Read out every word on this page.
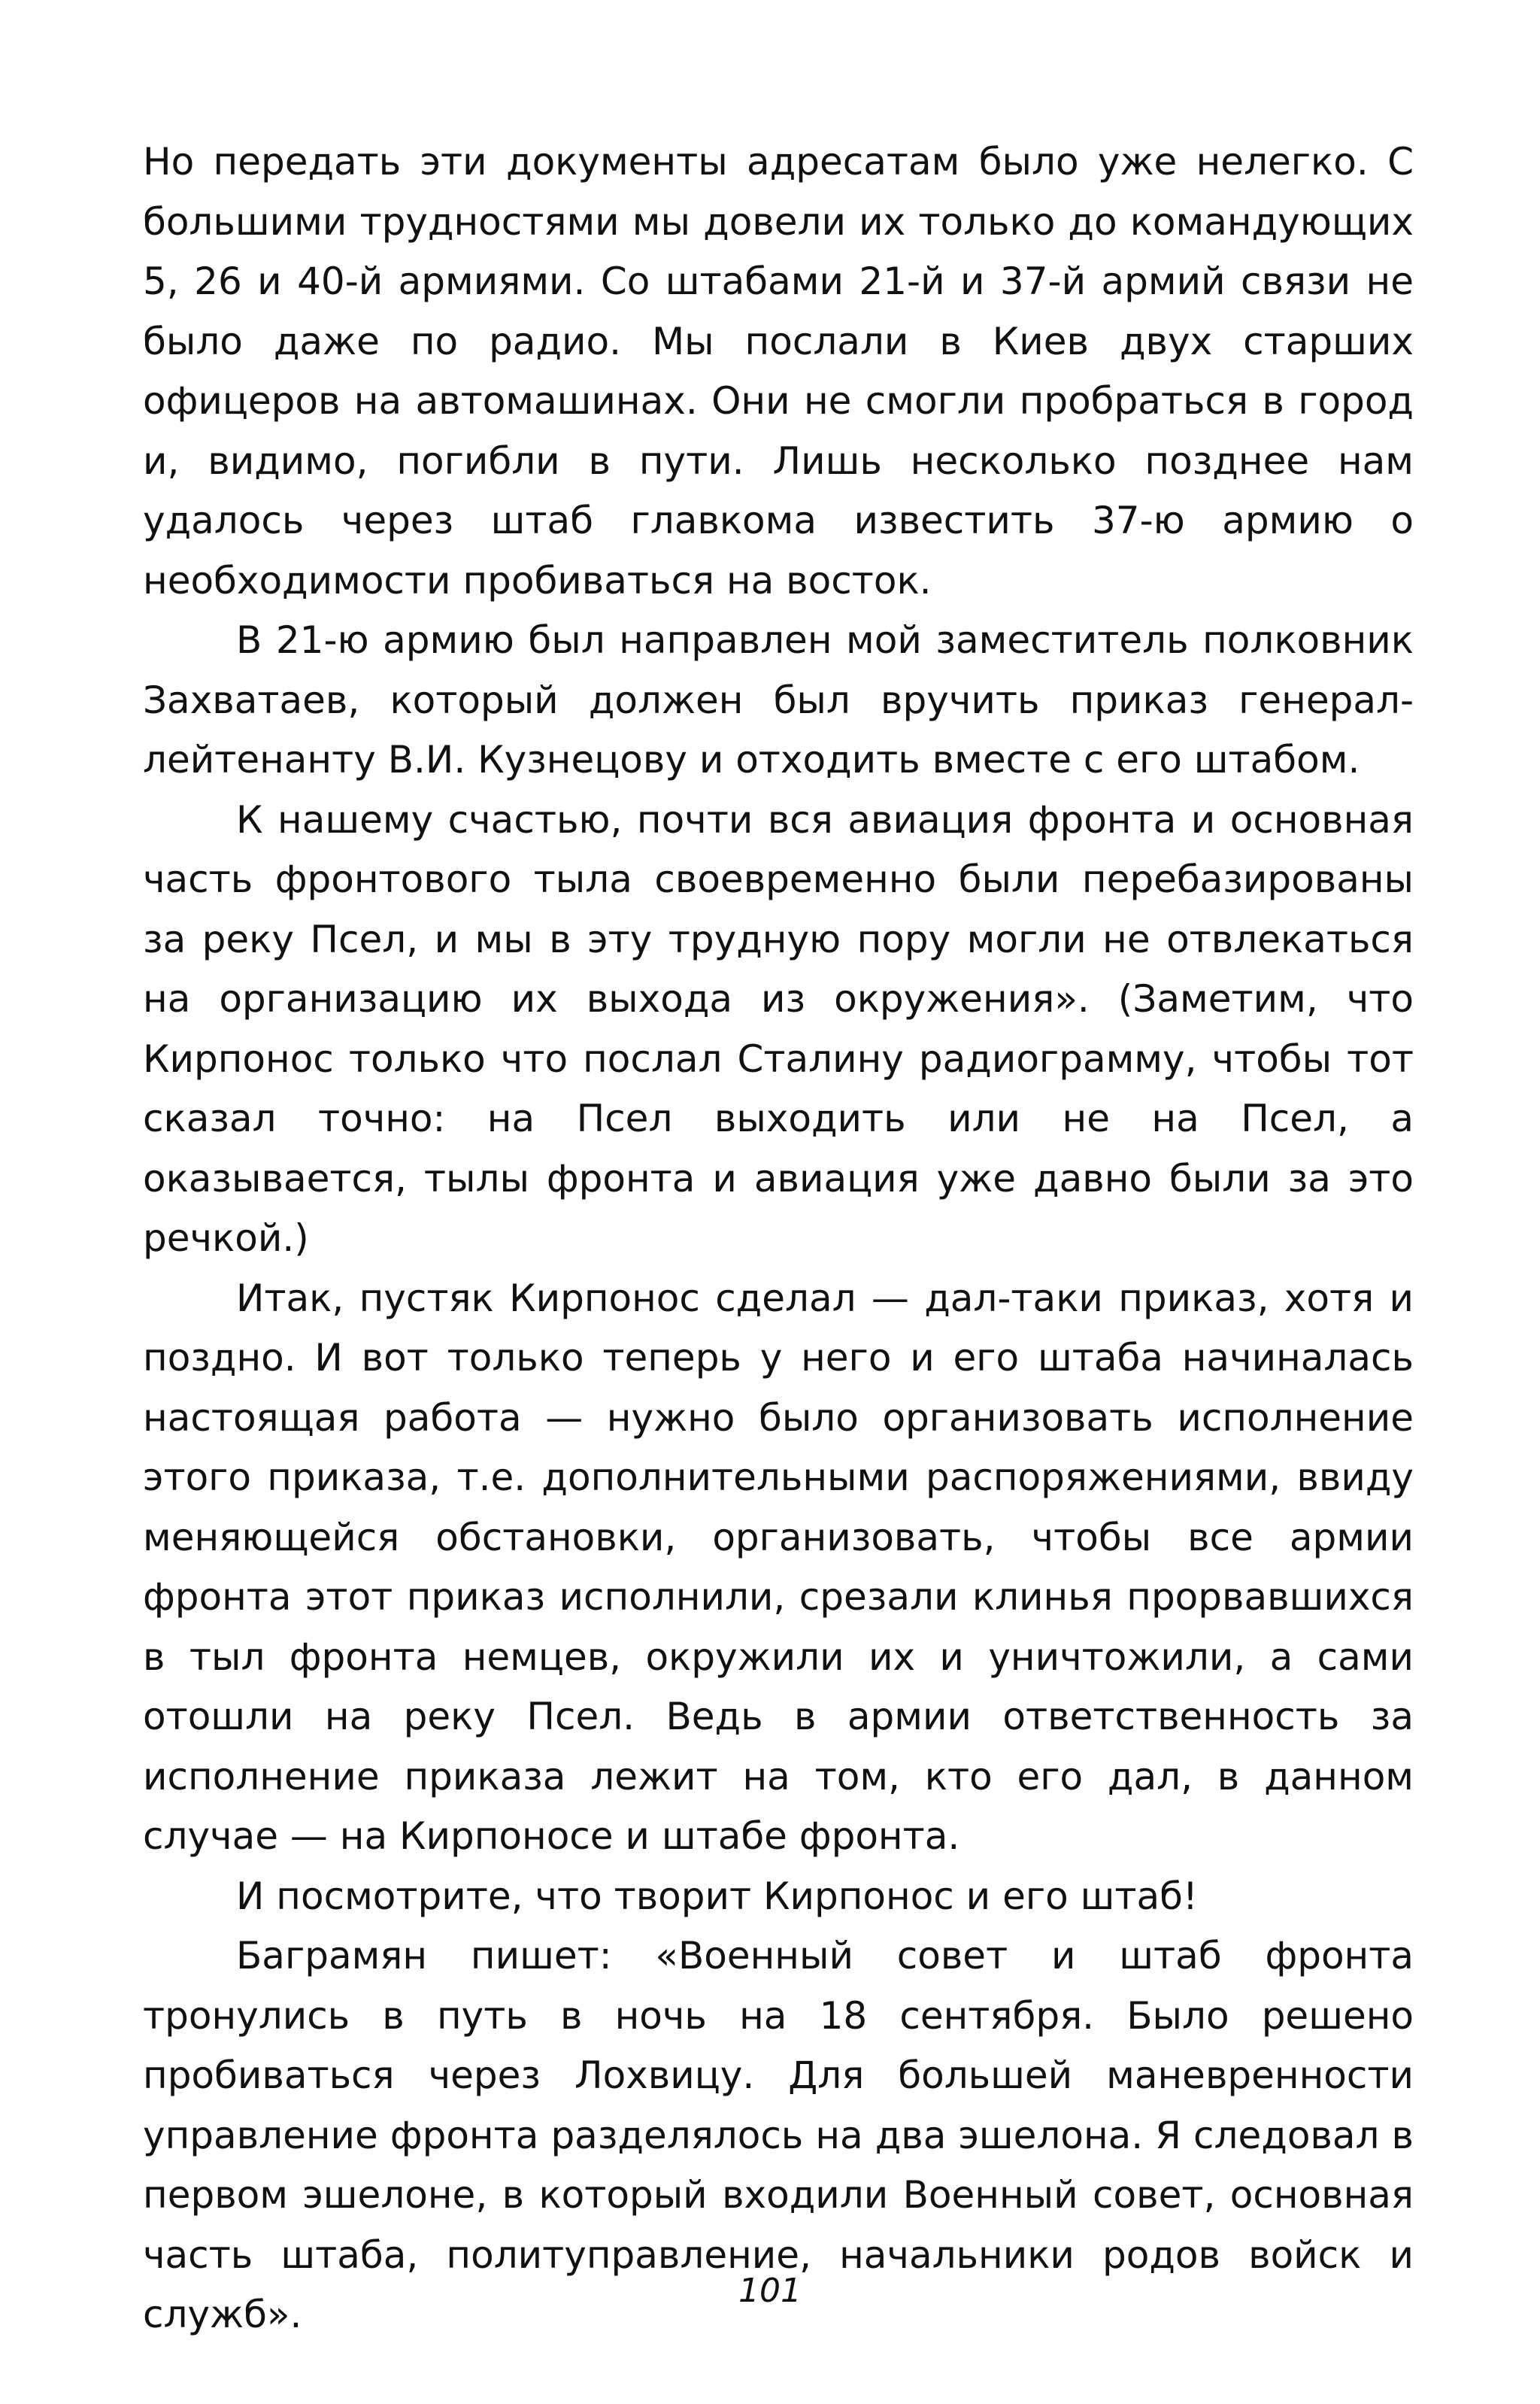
Но передать эти документы адресатам было уже нелегко. С большими трудностями мы довели их только до командующих 5, 26 и 40-й армиями. Со штабами 21-й и 37-й армий связи не было даже по радио. Мы послали в Киев двух старших офицеров на автомашинах. Они не смогли пробраться в город и, видимо, погибли в пути. Лишь несколько позднее нам удалось через штаб главкома известить 37-ю армию о необходимости пробиваться на восток.

В 21-ю армию был направлен мой заместитель полковник Захватаев, который должен был вручить приказ генерал-лейтенанту В.И. Кузнецову и отходить вместе с его штабом.

К нашему счастью, почти вся авиация фронта и основная часть фронтового тыла своевременно были перебазированы за реку Псел, и мы в эту трудную пору могли не отвлекаться на организацию их выхода из окружения». (Заметим, что Кирпонос только что послал Сталину радиограмму, чтобы тот сказал точно: на Псел выходить или не на Псел, а оказывается, тылы фронта и авиация уже давно были за это речкой.)

Итак, пустяк Кирпонос сделал — дал-таки приказ, хотя и поздно. И вот только теперь у него и его штаба начиналась настоящая работа — нужно было организовать исполнение этого приказа, т.е. дополнительными распоряжениями, ввиду меняющейся обстановки, организовать, чтобы все армии фронта этот приказ исполнили, срезали клинья прорвавшихся в тыл фронта немцев, окружили их и уничтожили, а сами отошли на реку Псел. Ведь в армии ответственность за исполнение приказа лежит на том, кто его дал, в данном случае — на Кирпоносе и штабе фронта.

И посмотрите, что творит Кирпонос и его штаб!

Баграмян пишет: «Военный совет и штаб фронта тронулись в путь в ночь на 18 сентября. Было решено пробиваться через Лохвицу. Для большей маневренности управление фронта разделялось на два эшелона. Я следовал в первом эшелоне, в который входили Военный совет, основная часть штаба, политуправление, начальники родов войск и служб».

101
